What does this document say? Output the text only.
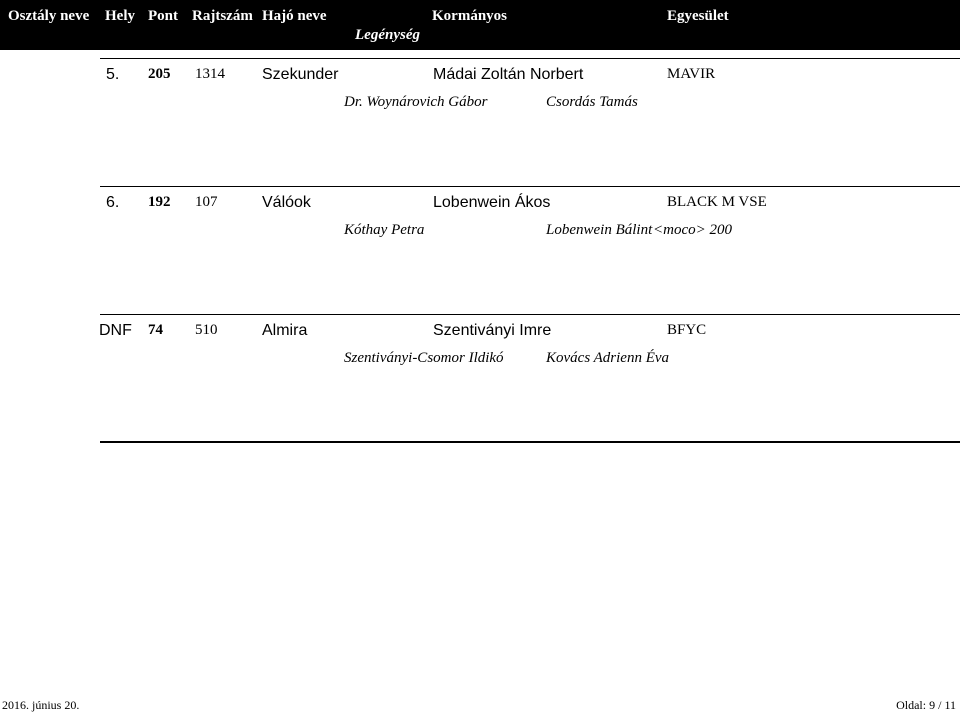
Osztály neve Hely Pont Rajtszám Hajó neve	Kormányos
Legénység
Egyesület
5. 205 1314 Szekunder	Mádai Zoltán Norbert	MAVIR
Dr. Woynárovich Gábor	Csordás Tamás
6. 192 107	Válóok	Lobenwein Ákos	BLACK M VSE
Kóthay Petra	Lobenwein Bálint <moco> 200
DNF 74 510	Almira	Szentiványi Imre	BFYC
Szentiványi-Csomor Ildikó	Kovács Adrienn Éva
2016. június 20.	Oldal: 9 / 11
